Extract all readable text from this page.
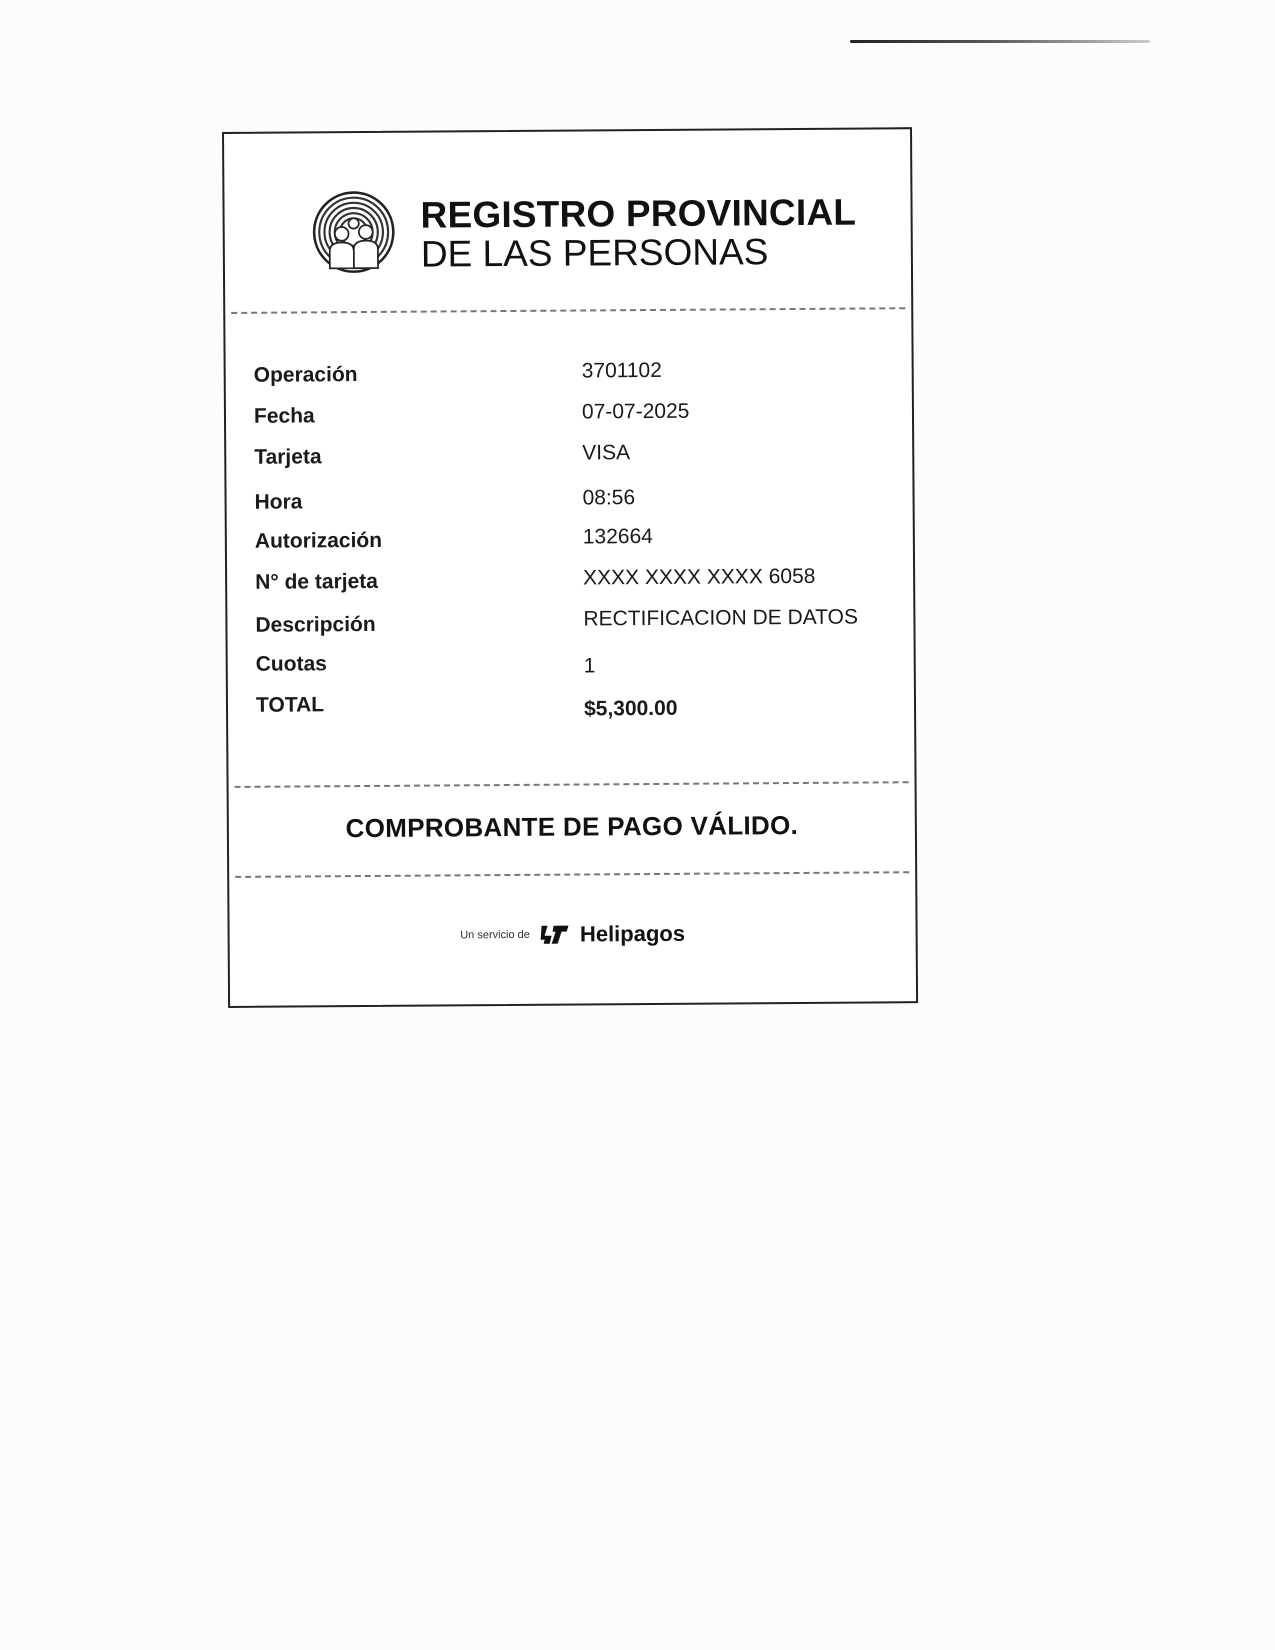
REGISTRO PROVINCIAL
DE LAS PERSONAS
Operación	3701102
Fecha	07-07-2025
Tarjeta	VISA
Hora	08:56
Autorización	132664
N° de tarjeta	XXXX XXXX XXXX 6058
Descripción	RECTIFICACION DE DATOS
Cuotas	1
TOTAL	$5,300.00
COMPROBANTE DE PAGO VÁLIDO.
Un servicio de Helipagos
